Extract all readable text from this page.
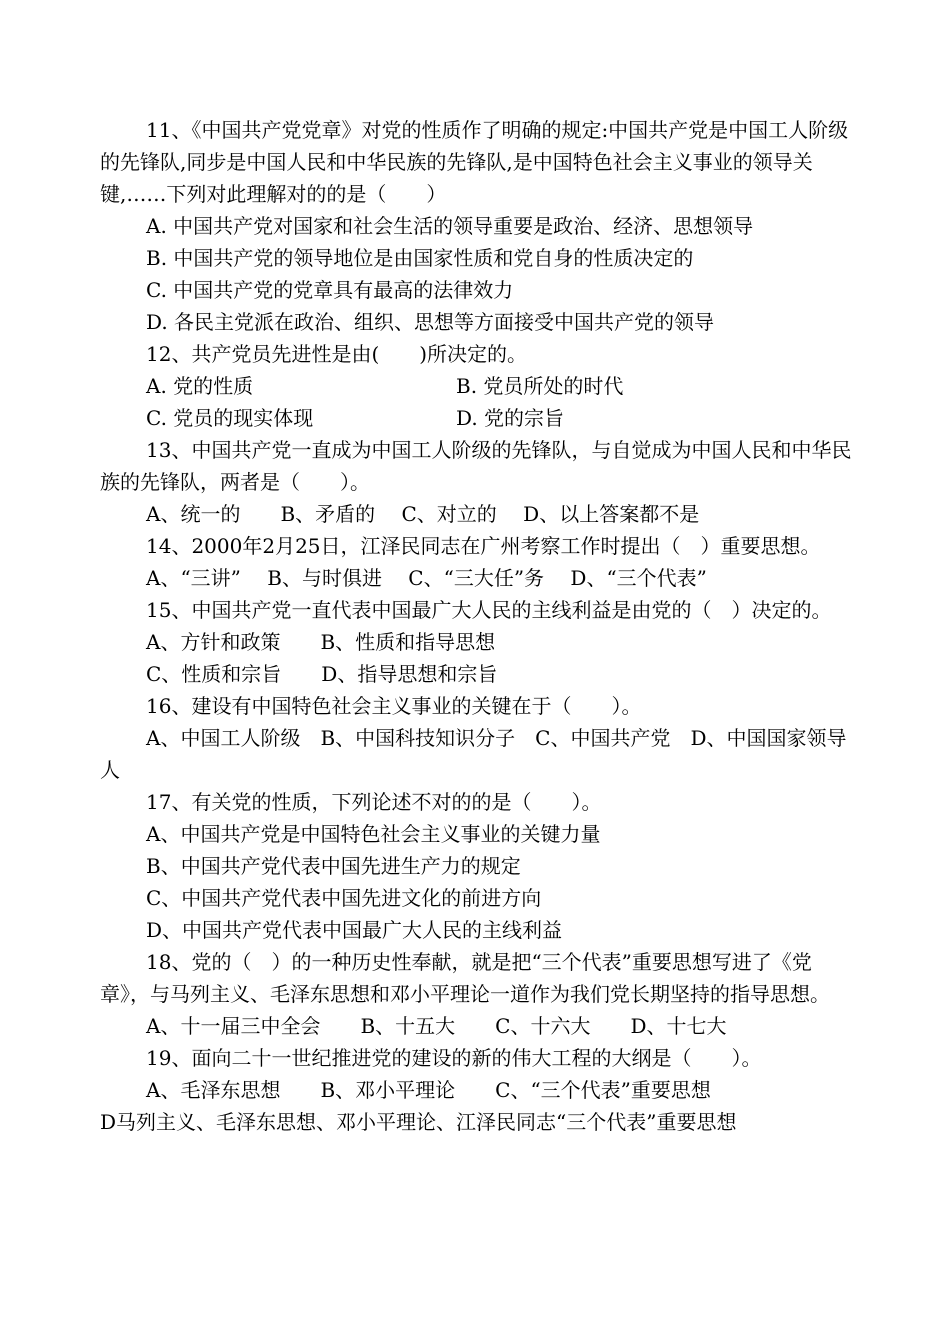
11、《中国共产党党章》对党的性质作了明确的规定:中国共产党是中国工人阶级的先锋队,同步是中国人民和中华民族的先锋队,是中国特色社会主义事业的领导关键,……下列对此理解对的的是（　　）
A. 中国共产党对国家和社会生活的领导重要是政治、经济、思想领导
B. 中国共产党的领导地位是由国家性质和党自身的性质决定的
C. 中国共产党的党章具有最高的法律效力
D. 各民主党派在政治、组织、思想等方面接受中国共产党的领导
12、共产党员先进性是由(　　)所决定的。
A. 党的性质	B. 党员所处的时代
C. 党员的现实体现	D. 党的宗旨
13、中国共产党一直成为中国工人阶级的先锋队，与自觉成为中国人民和中华民族的先锋队，两者是（　　）。
A、统一的　　B、矛盾的　 C、对立的　 D、以上答案都不是
14、2000年2月25日，江泽民同志在广州考察工作时提出（　）重要思想。
A、“三讲”　 B、与时俱进　 C、“三大任”务　 D、“三个代表”
15、中国共产党一直代表中国最广大人民的主线利益是由党的（　）决定的。
A、方针和政策　　B、性质和指导思想
C、性质和宗旨　　D、指导思想和宗旨
16、建设有中国特色社会主义事业的关键在于（　　）。
A、中国工人阶级　B、中国科技知识分子　C、中国共产党　D、中国国家领导人
17、有关党的性质，下列论述不对的的是（　　）。
A、中国共产党是中国特色社会主义事业的关键力量
B、中国共产党代表中国先进生产力的规定
C、中国共产党代表中国先进文化的前进方向
D、中国共产党代表中国最广大人民的主线利益
18、党的（　）的一种历史性奉献，就是把“三个代表”重要思想写进了《党章》，与马列主义、毛泽东思想和邓小平理论一道作为我们党长期坚持的指导思想。
A、十一届三中全会　　B、十五大　　C、十六大　　D、十七大
19、面向二十一世纪推进党的建设的新的伟大工程的大纲是（　　）。
A、毛泽东思想　　B、邓小平理论　　C、“三个代表”重要思想
D马列主义、毛泽东思想、邓小平理论、江泽民同志“三个代表”重要思想
